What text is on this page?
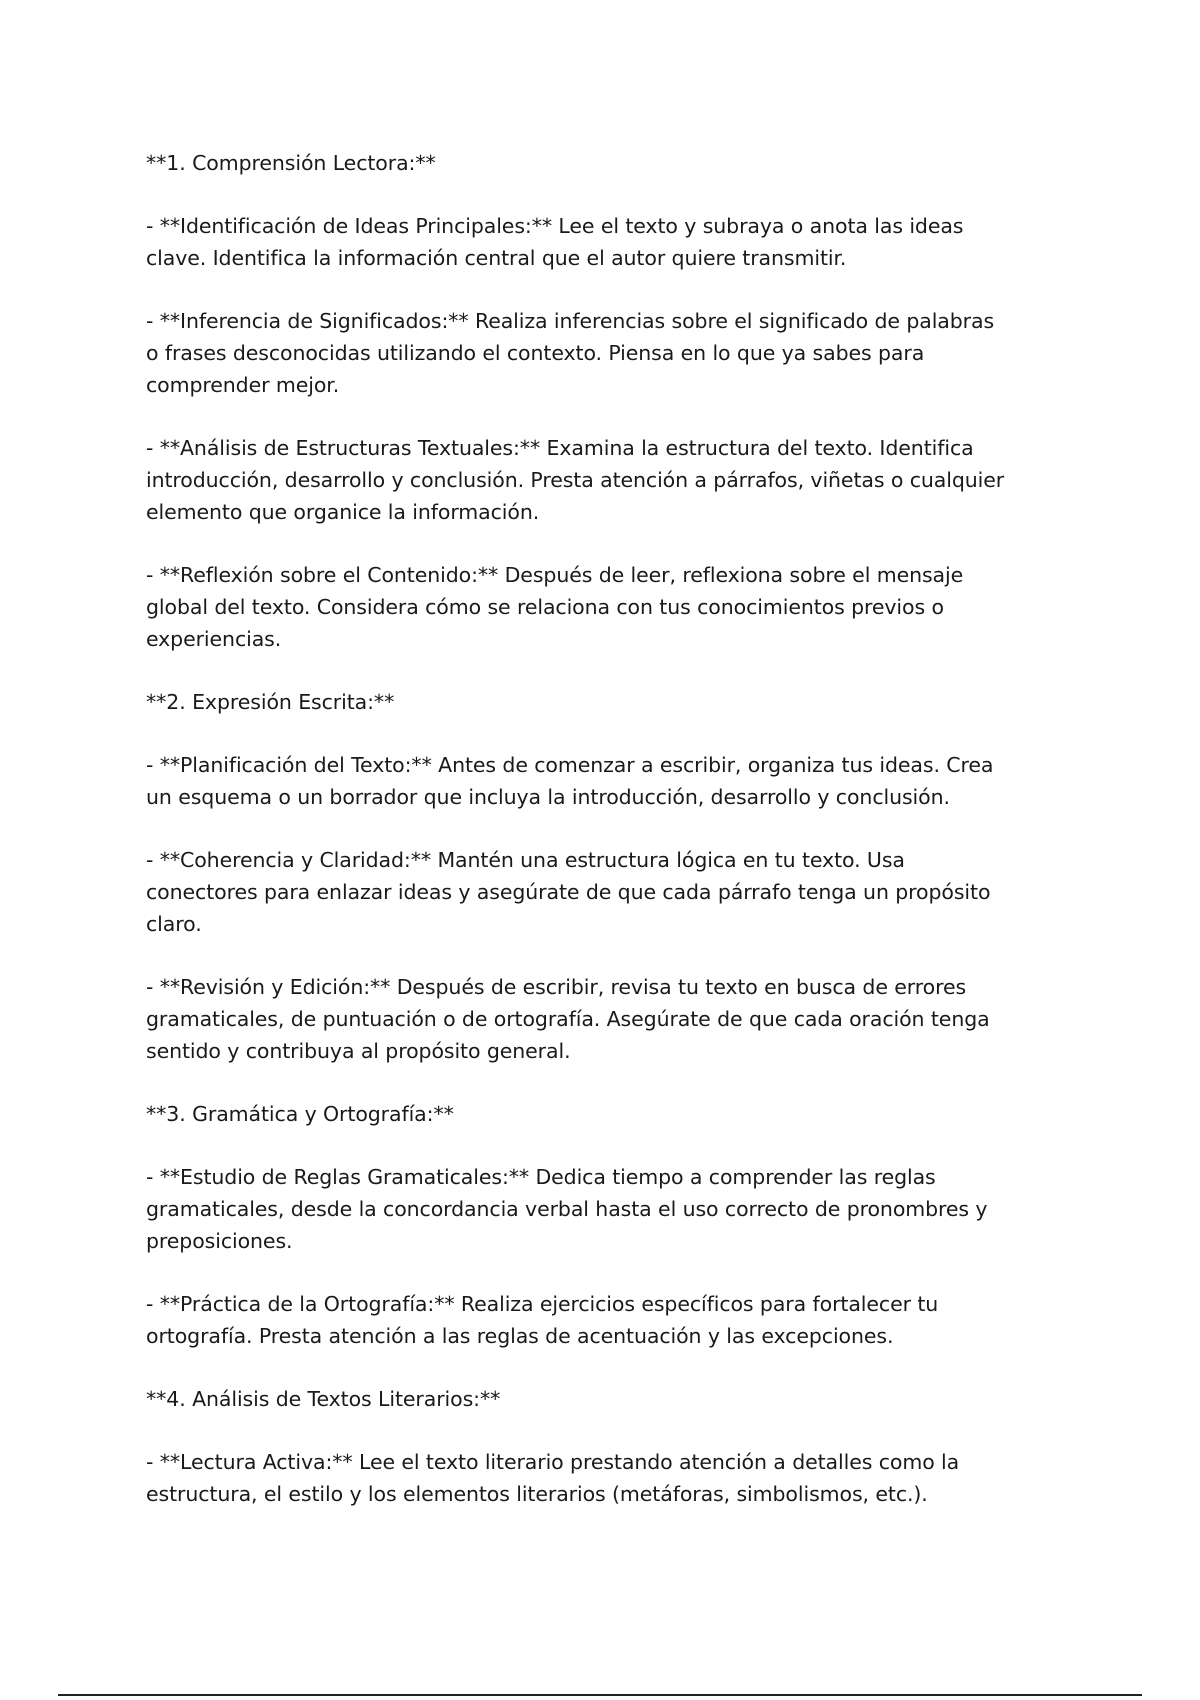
**1. Comprensión Lectora:**

- **Identificación de Ideas Principales:** Lee el texto y subraya o anota las ideas
clave. Identifica la información central que el autor quiere transmitir.

- **Inferencia de Significados:** Realiza inferencias sobre el significado de palabras
o frases desconocidas utilizando el contexto. Piensa en lo que ya sabes para
comprender mejor.

- **Análisis de Estructuras Textuales:** Examina la estructura del texto. Identifica
introducción, desarrollo y conclusión. Presta atención a párrafos, viñetas o cualquier
elemento que organice la información.

- **Reflexión sobre el Contenido:** Después de leer, reflexiona sobre el mensaje
global del texto. Considera cómo se relaciona con tus conocimientos previos o
experiencias.

**2. Expresión Escrita:**

- **Planificación del Texto:** Antes de comenzar a escribir, organiza tus ideas. Crea
un esquema o un borrador que incluya la introducción, desarrollo y conclusión.

- **Coherencia y Claridad:** Mantén una estructura lógica en tu texto. Usa
conectores para enlazar ideas y asegúrate de que cada párrafo tenga un propósito
claro.

- **Revisión y Edición:** Después de escribir, revisa tu texto en busca de errores
gramaticales, de puntuación o de ortografía. Asegúrate de que cada oración tenga
sentido y contribuya al propósito general.

**3. Gramática y Ortografía:**

- **Estudio de Reglas Gramaticales:** Dedica tiempo a comprender las reglas
gramaticales, desde la concordancia verbal hasta el uso correcto de pronombres y
preposiciones.

- **Práctica de la Ortografía:** Realiza ejercicios específicos para fortalecer tu
ortografía. Presta atención a las reglas de acentuación y las excepciones.

**4. Análisis de Textos Literarios:**

- **Lectura Activa:** Lee el texto literario prestando atención a detalles como la
estructura, el estilo y los elementos literarios (metáforas, simbolismos, etc.).
